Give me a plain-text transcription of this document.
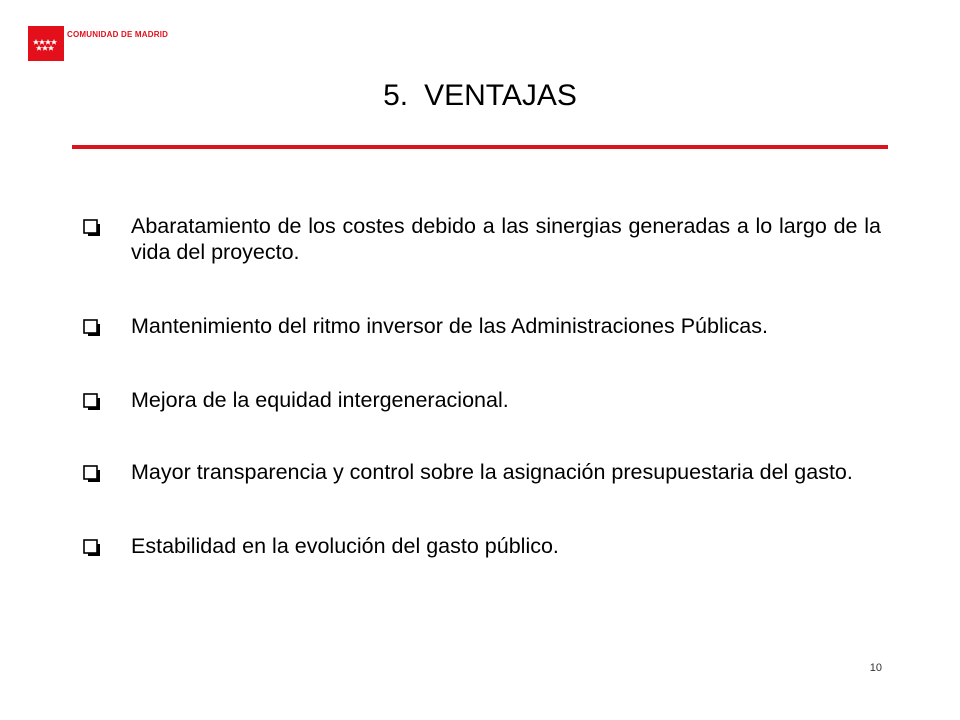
COMUNIDAD DE MADRID
5. VENTAJAS
Abaratamiento de los costes debido a las sinergias generadas a lo largo de la vida del proyecto.
Mantenimiento del ritmo inversor de las Administraciones Públicas.
Mejora de la equidad intergeneracional.
Mayor transparencia y control sobre la asignación presupuestaria del gasto.
Estabilidad en la evolución del gasto público.
10
